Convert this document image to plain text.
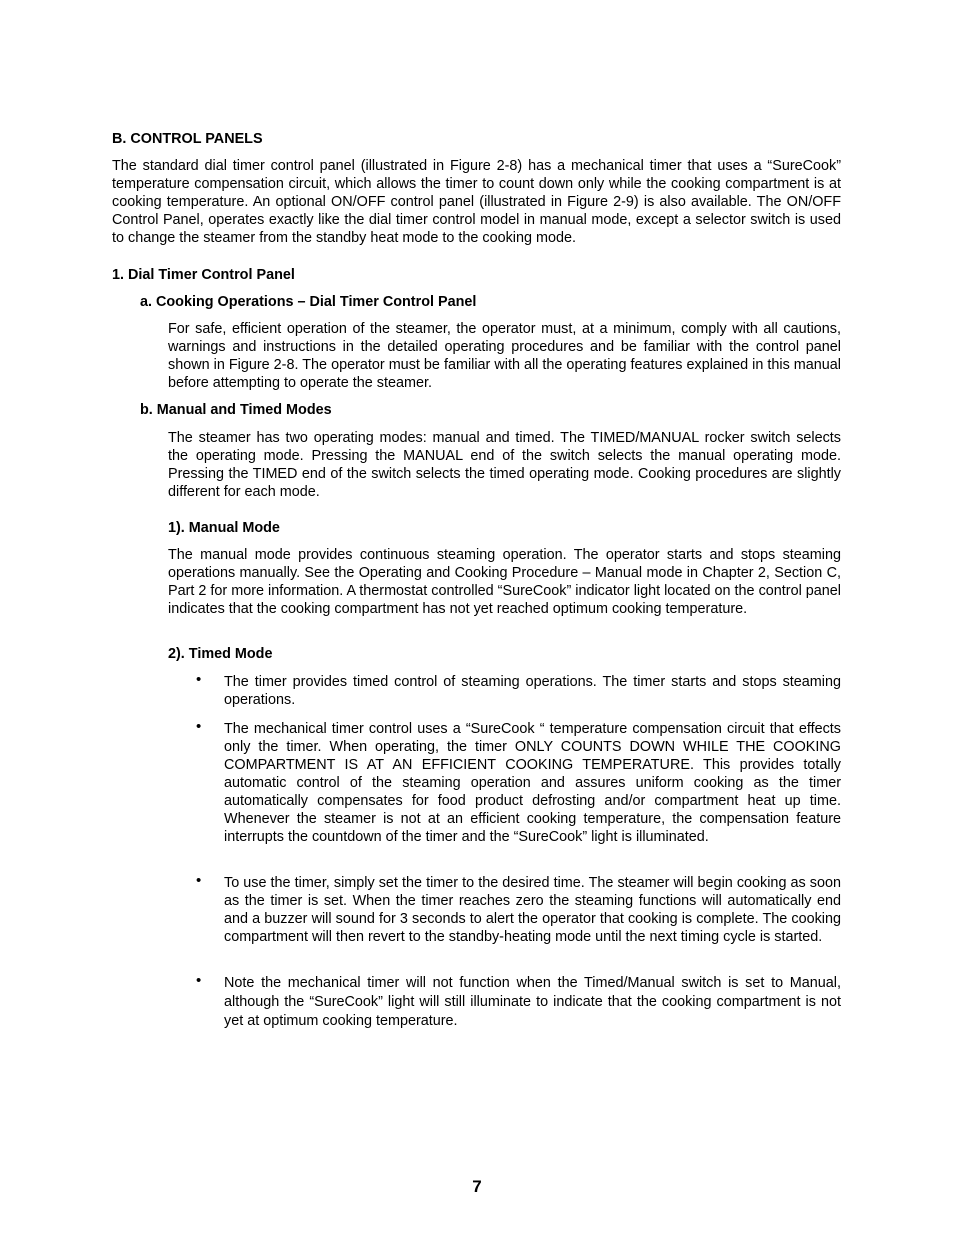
B. CONTROL PANELS

The standard dial timer control panel (illustrated in Figure 2-8) has a mechanical timer that uses a “SureCook” temperature compensation circuit, which allows the timer to count down only while the cooking compartment is at cooking temperature. An optional ON/OFF control panel (illustrated in Figure 2-9) is also available. The ON/OFF Control Panel, operates exactly like the dial timer control model in manual mode, except a selector switch is used to change the steamer from the standby heat mode to the cooking mode.

1. Dial Timer Control Panel
a. Cooking Operations – Dial Timer Control Panel

For safe, efficient operation of the steamer, the operator must, at a minimum, comply with all cautions, warnings and instructions in the detailed operating procedures and be familiar with the control panel shown in Figure 2-8. The operator must be familiar with all the operating features explained in this manual before attempting to operate the steamer.

b. Manual and Timed Modes

The steamer has two operating modes: manual and timed. The TIMED/MANUAL rocker switch selects the operating mode. Pressing the MANUAL end of the switch selects the manual operating mode. Pressing the TIMED end of the switch selects the timed operating mode. Cooking procedures are slightly different for each mode.

1). Manual Mode

The manual mode provides continuous steaming operation. The operator starts and stops steaming operations manually. See the Operating and Cooking Procedure – Manual mode in Chapter 2, Section C, Part 2 for more information. A thermostat controlled “SureCook” indicator light located on the control panel indicates that the cooking compartment has not yet reached optimum cooking temperature.

2). Timed Mode
• The timer provides timed control of steaming operations. The timer starts and stops steaming operations.

• The mechanical timer control uses a “SureCook “ temperature compensation circuit that effects only the timer. When operating, the timer ONLY COUNTS DOWN WHILE THE COOKING COMPARTMENT IS AT AN EFFICIENT COOKING TEMPERATURE. This provides totally automatic control of the steaming operation and assures uniform cooking as the timer automatically compensates for food product defrosting and/or compartment heat up time. Whenever the steamer is not at an efficient cooking temperature, the compensation feature interrupts the countdown of the timer and the “SureCook” light is illuminated.

• To use the timer, simply set the timer to the desired time. The steamer will begin cooking as soon as the timer is set. When the timer reaches zero the steaming functions will automatically end and a buzzer will sound for 3 seconds to alert the operator that cooking is complete. The cooking compartment will then revert to the standby-heating mode until the next timing cycle is started.

• Note the mechanical timer will not function when the Timed/Manual switch is set to Manual, although the “SureCook” light will still illuminate to indicate that the cooking compartment is not yet at optimum cooking temperature.

7
